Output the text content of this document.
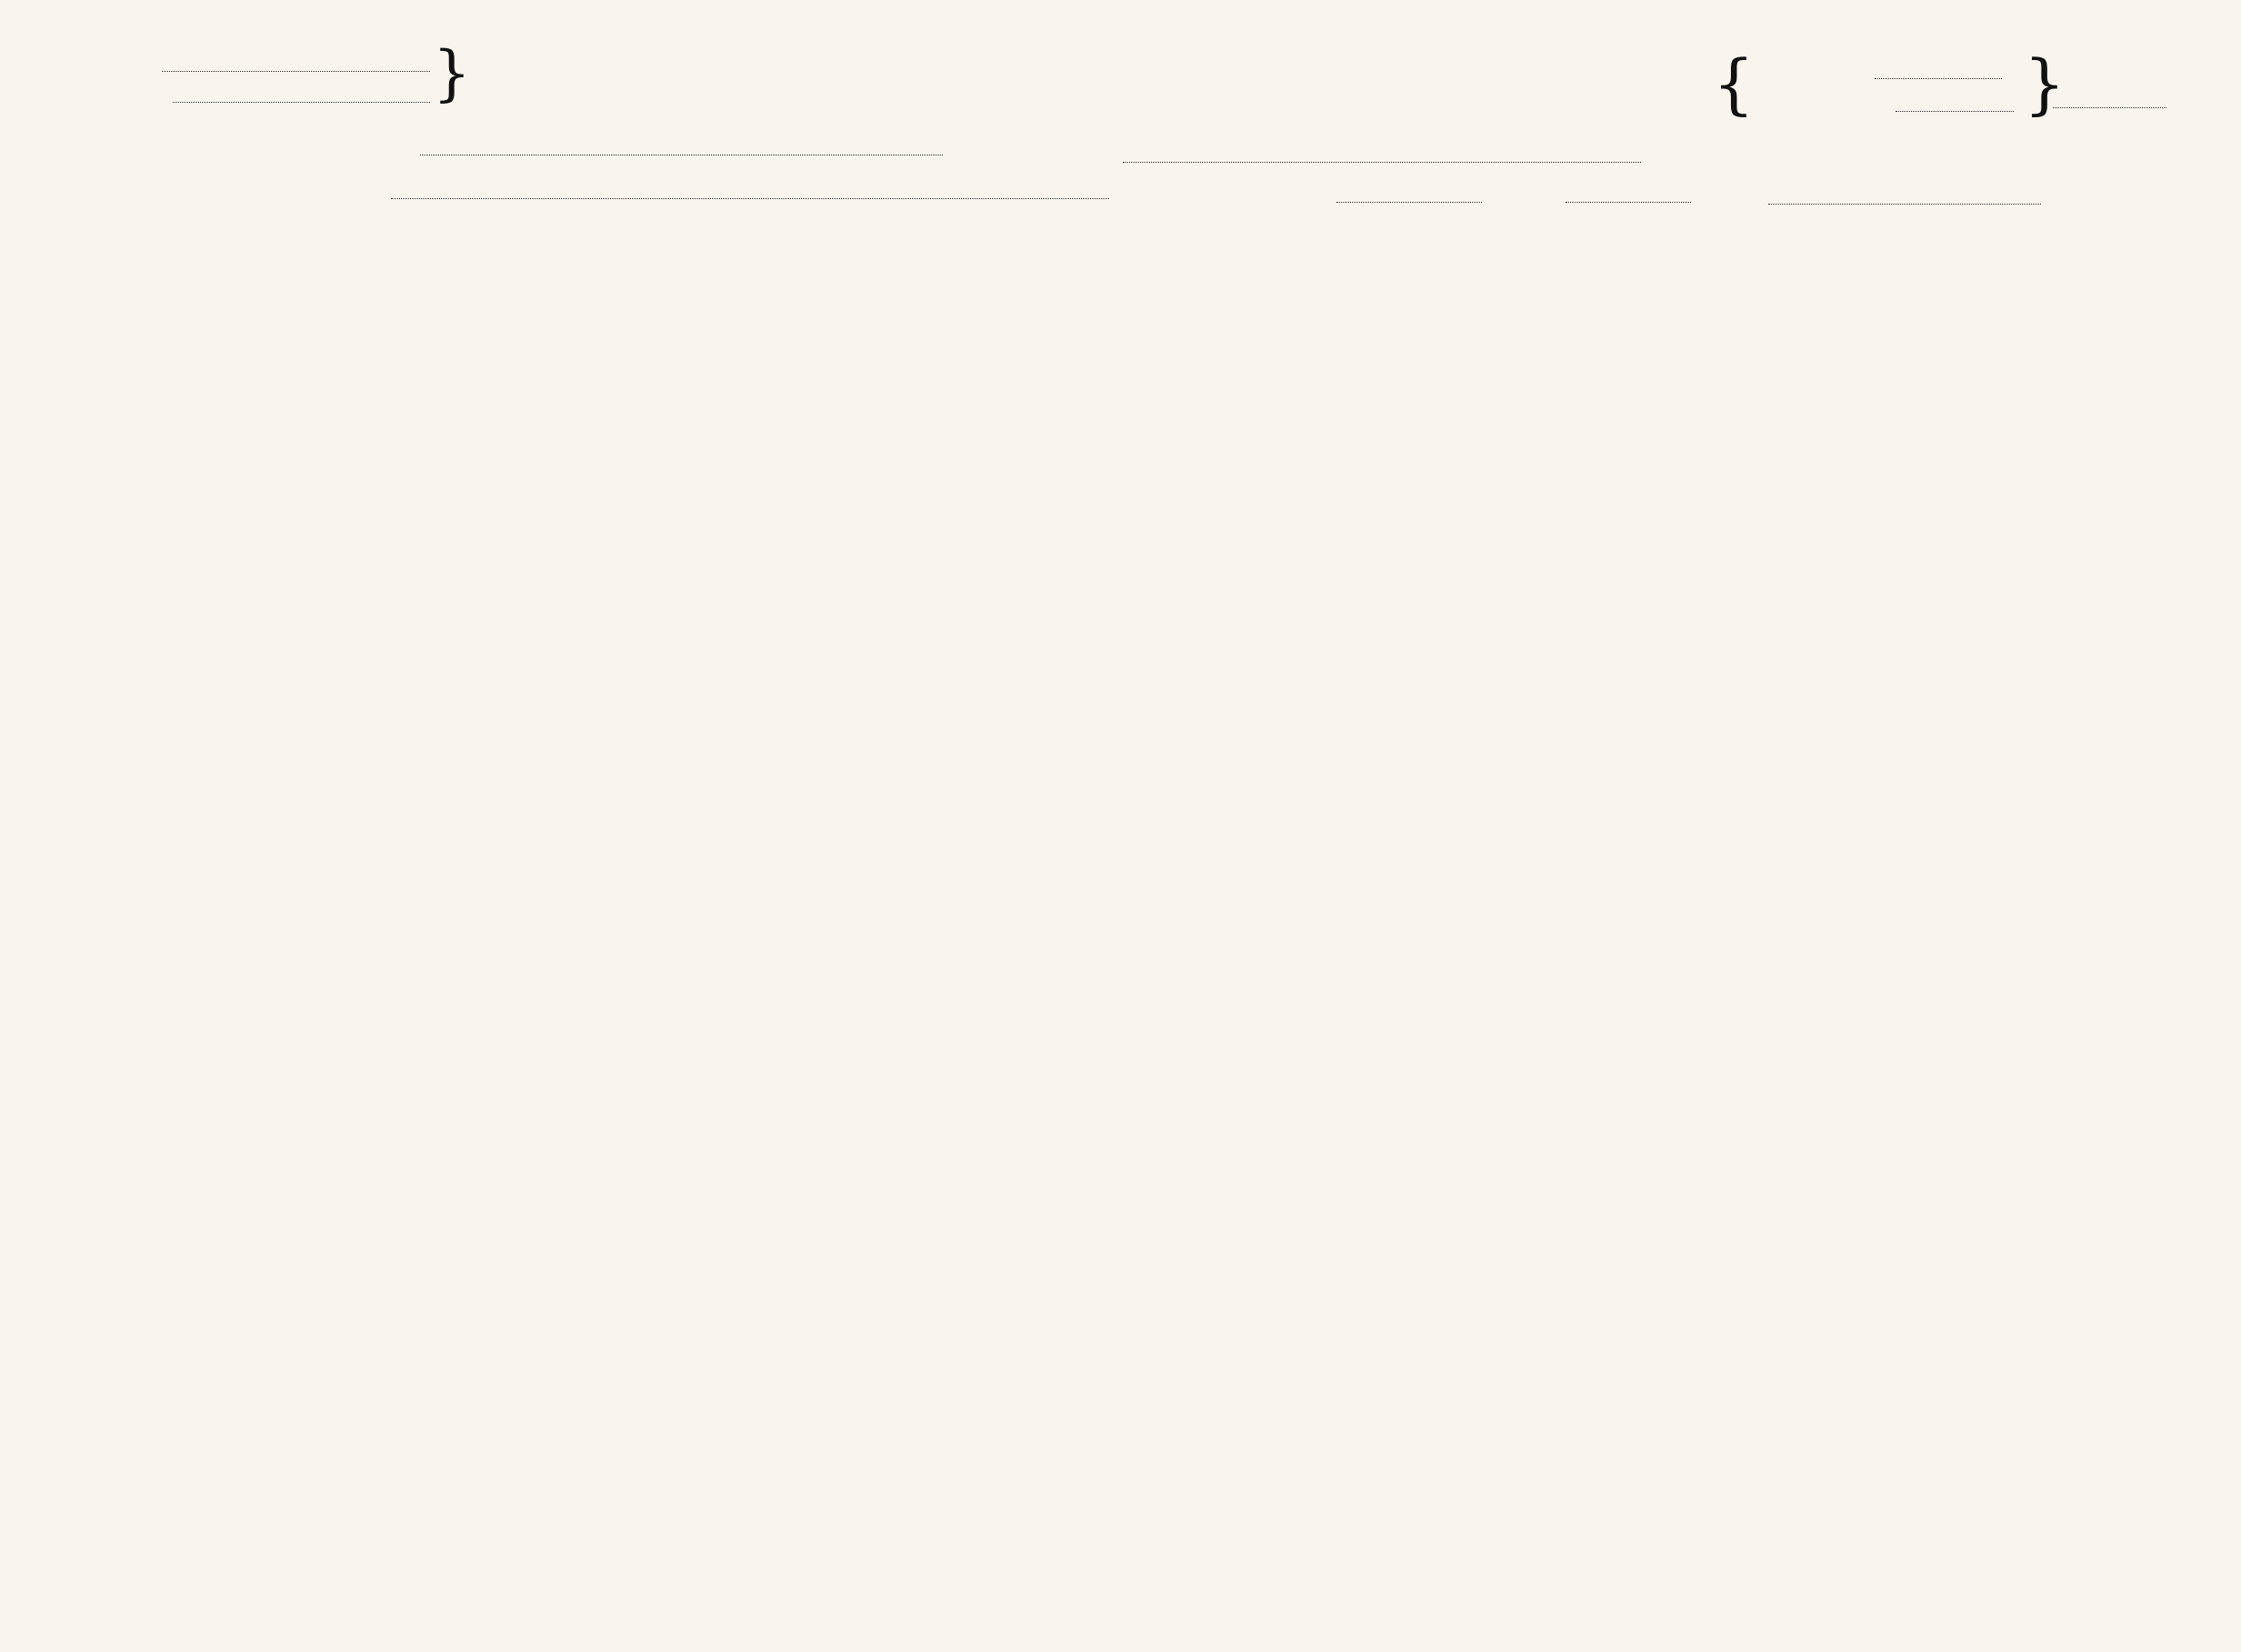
}	{	}
